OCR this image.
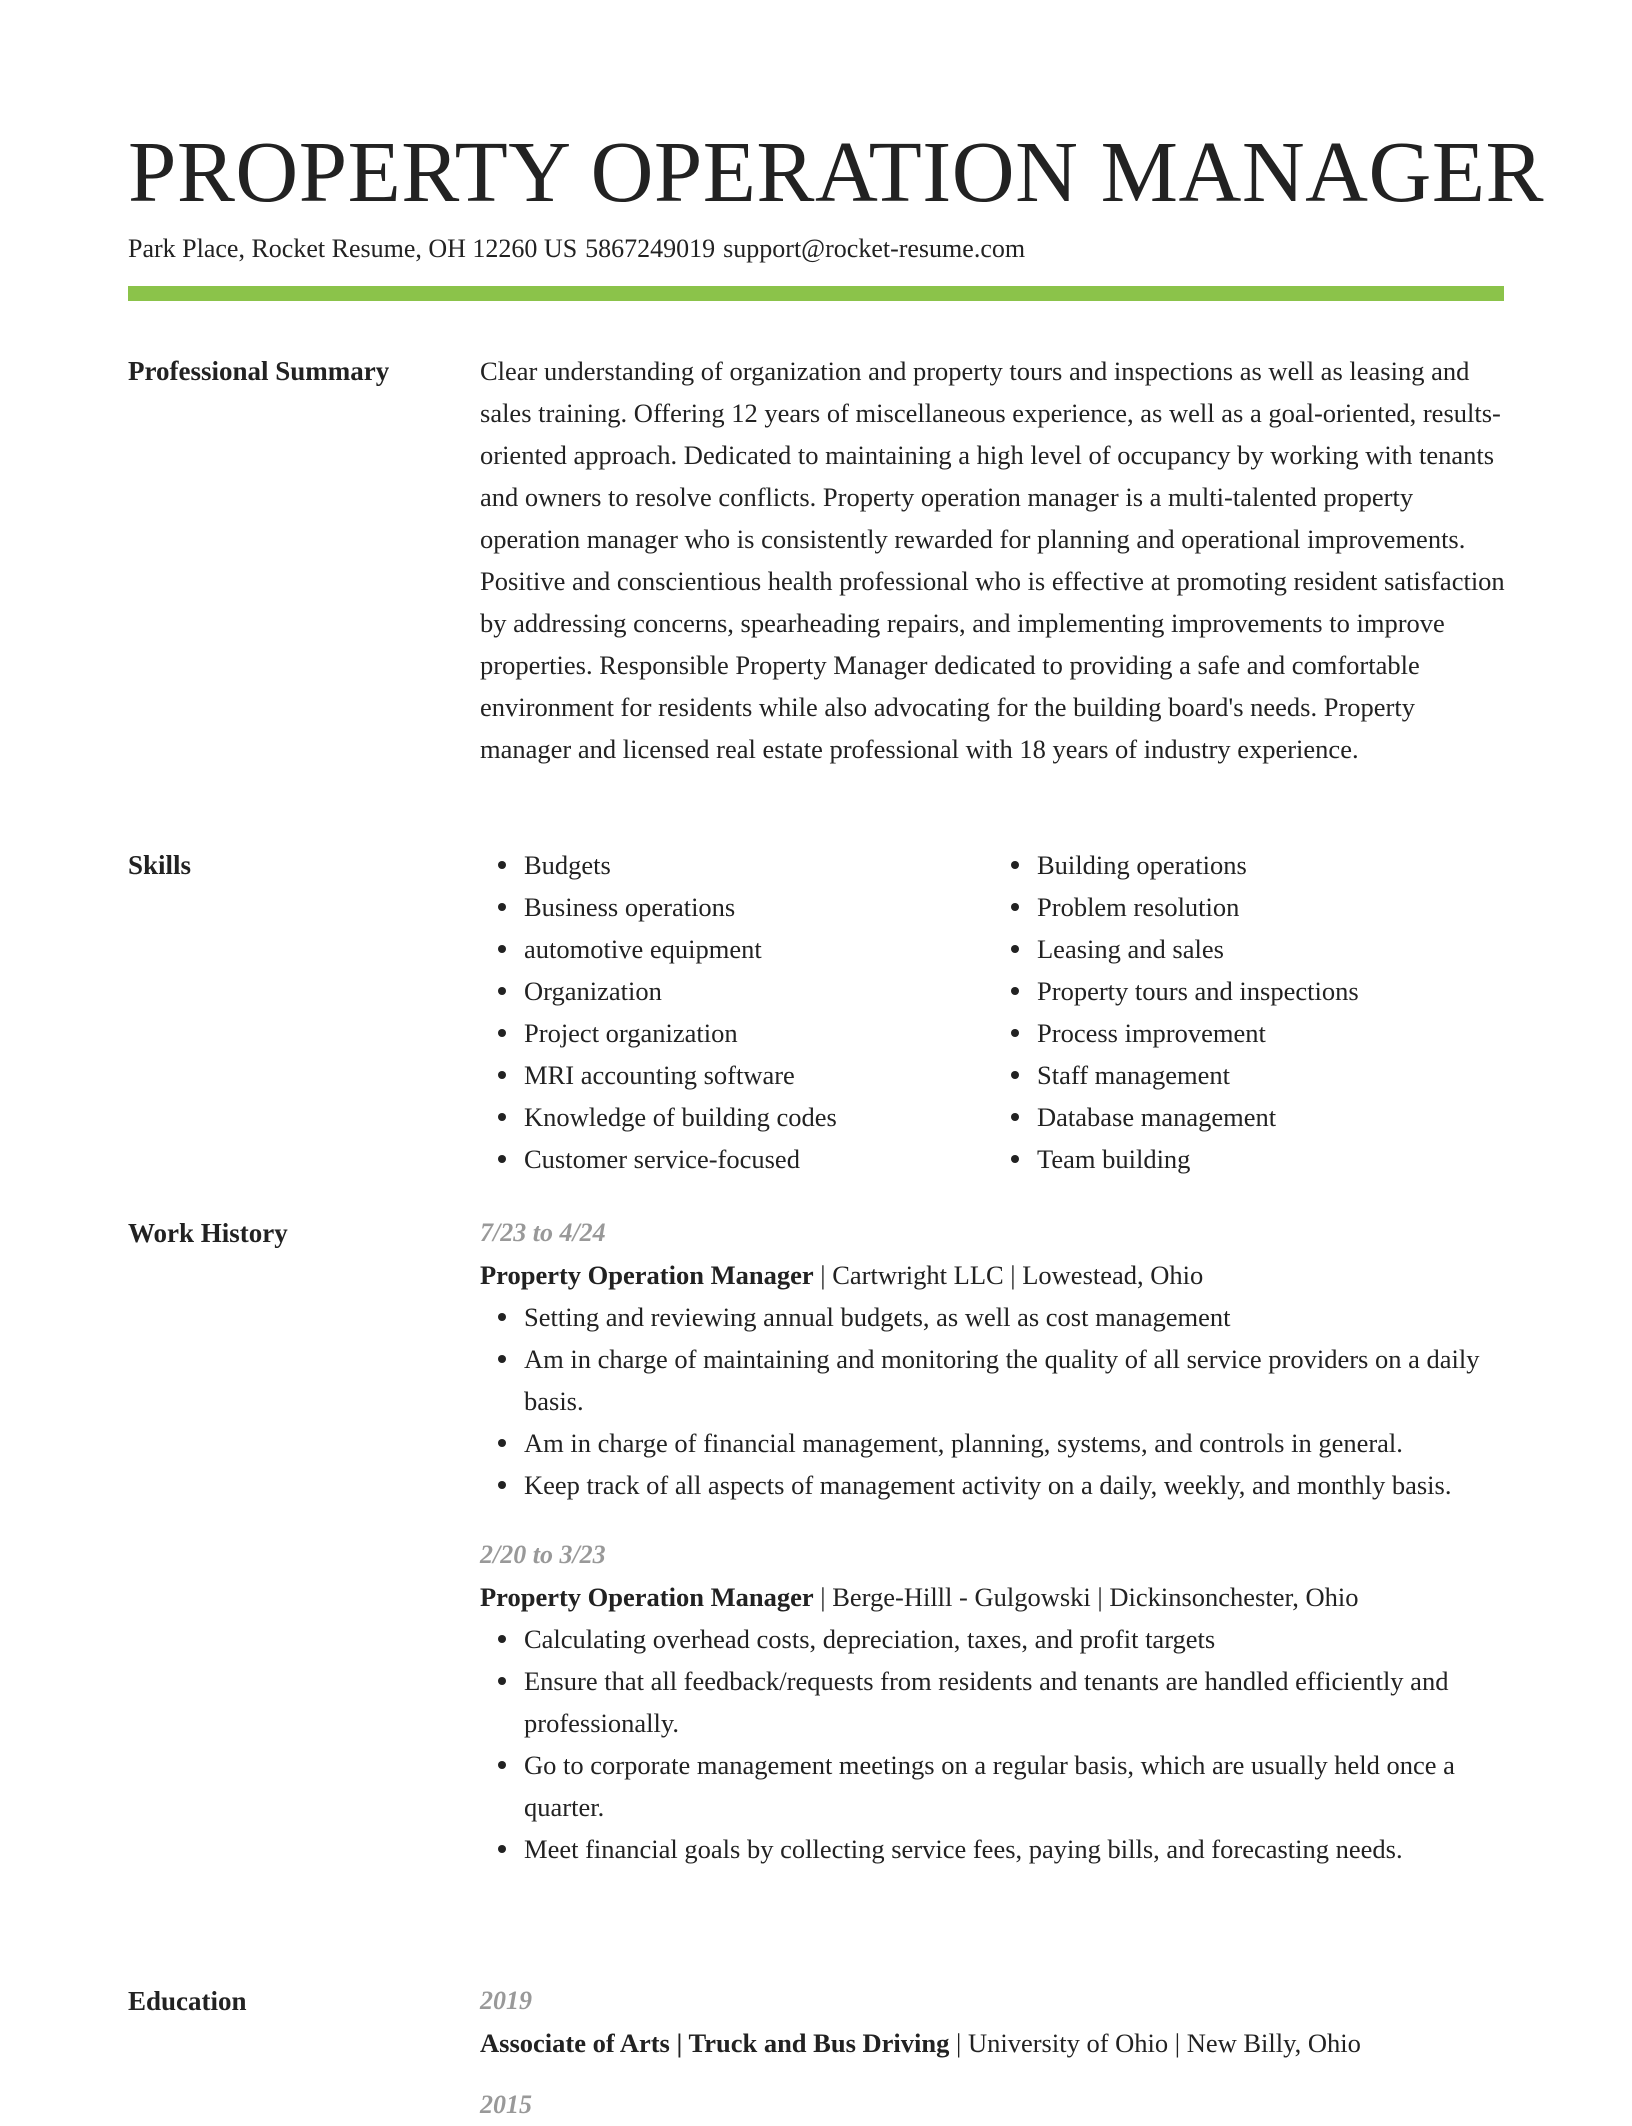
PROPERTY OPERATION MANAGER
Park Place, Rocket Resume, OH 12260 US 5867249019 support@rocket-resume.com
Professional Summary	Clear understanding of organization and property tours and inspections as well as leasing and sales training. Offering 12 years of miscellaneous experience, as well as a goal-oriented, results-oriented approach. Dedicated to maintaining a high level of occupancy by working with tenants and owners to resolve conflicts. Property operation manager is a multi-talented property operation manager who is consistently rewarded for planning and operational improvements. Positive and conscientious health professional who is effective at promoting resident satisfaction by addressing concerns, spearheading repairs, and implementing improvements to improve properties. Responsible Property Manager dedicated to providing a safe and comfortable environment for residents while also advocating for the building board's needs. Property manager and licensed real estate professional with 18 years of industry experience.

Skills	Budgets
Business operations
automotive equipment
Organization
Project organization
MRI accounting software
Knowledge of building codes
Customer service-focused
Building operations
Problem resolution
Leasing and sales
Property tours and inspections
Process improvement
Staff management
Database management
Team building
Work History	7/23 to 4/24
Property Operation Manager | Cartwright LLC | Lowestead, Ohio
Setting and reviewing annual budgets, as well as cost management
Am in charge of maintaining and monitoring the quality of all service providers on a daily basis.
Am in charge of financial management, planning, systems, and controls in general.
Keep track of all aspects of management activity on a daily, weekly, and monthly basis.
2/20 to 3/23
Property Operation Manager | Berge-Hilll - Gulgowski | Dickinsonchester, Ohio
Calculating overhead costs, depreciation, taxes, and profit targets
Ensure that all feedback/requests from residents and tenants are handled efficiently and professionally.
Go to corporate management meetings on a regular basis, which are usually held once a quarter.
Meet financial goals by collecting service fees, paying bills, and forecasting needs.
Education	2019
Associate of Arts | Truck and Bus Driving | University of Ohio | New Billy, Ohio
2015
